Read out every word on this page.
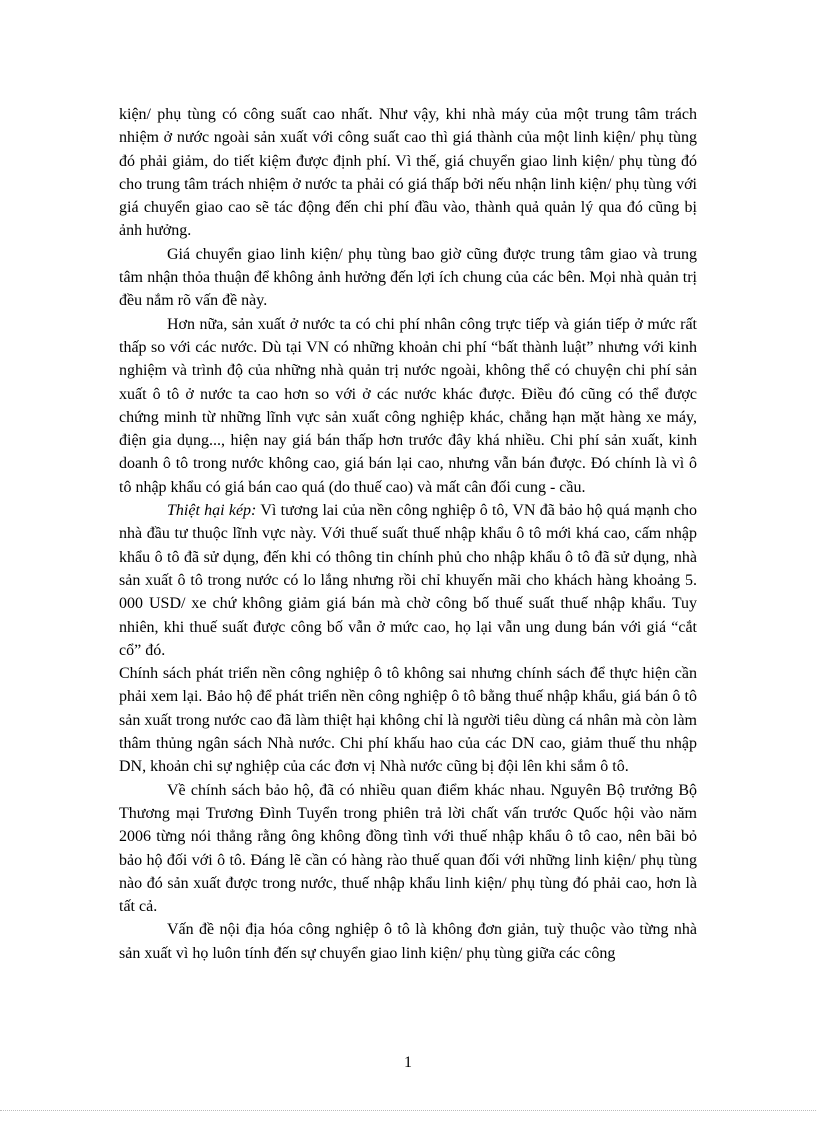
kiện/ phụ tùng có công suất cao nhất. Như vậy, khi nhà máy của một trung tâm trách nhiệm ở nước ngoài sản xuất với công suất cao thì giá thành của một linh kiện/ phụ tùng đó phải giảm, do tiết kiệm được định phí. Vì thế, giá chuyển giao linh kiện/ phụ tùng đó cho trung tâm trách nhiệm ở nước ta phải có giá thấp bởi nếu nhận linh kiện/ phụ tùng với giá chuyển giao cao sẽ tác động đến chi phí đầu vào, thành quả quản lý qua đó cũng bị ảnh hưởng.

Giá chuyển giao linh kiện/ phụ tùng bao giờ cũng được trung tâm giao và trung tâm nhận thỏa thuận để không ảnh hưởng đến lợi ích chung của các bên. Mọi nhà quản trị đều nắm rõ vấn đề này.

Hơn nữa, sản xuất ở nước ta có chi phí nhân công trực tiếp và gián tiếp ở mức rất thấp so với các nước. Dù tại VN có những khoản chi phí “bất thành luật” nhưng với kinh nghiệm và trình độ của những nhà quản trị nước ngoài, không thể có chuyện chi phí sản xuất ô tô ở nước ta cao hơn so với ở các nước khác được. Điều đó cũng có thể được chứng minh từ những lĩnh vực sản xuất công nghiệp khác, chẳng hạn mặt hàng xe máy, điện gia dụng..., hiện nay giá bán thấp hơn trước đây khá nhiều. Chi phí sản xuất, kinh doanh ô tô trong nước không cao, giá bán lại cao, nhưng vẫn bán được. Đó chính là vì ô tô nhập khẩu có giá bán cao quá (do thuế cao) và mất cân đối cung - cầu.

Thiệt hại kép: Vì tương lai của nền công nghiệp ô tô, VN đã bảo hộ quá mạnh cho nhà đầu tư thuộc lĩnh vực này. Với thuế suất thuế nhập khẩu ô tô mới khá cao, cấm nhập khẩu ô tô đã sử dụng, đến khi có thông tin chính phủ cho nhập khẩu ô tô đã sử dụng, nhà sản xuất ô tô trong nước có lo lắng nhưng rồi chỉ khuyến mãi cho khách hàng khoảng 5. 000 USD/ xe chứ không giảm giá bán mà chờ công bố thuế suất thuế nhập khẩu. Tuy nhiên, khi thuế suất được công bố vẫn ở mức cao, họ lại vẫn ung dung bán với giá “cắt cổ” đó.

Chính sách phát triển nền công nghiệp ô tô không sai nhưng chính sách để thực hiện cần phải xem lại. Bảo hộ để phát triển nền công nghiệp ô tô bằng thuế nhập khẩu, giá bán ô tô sản xuất trong nước cao đã làm thiệt hại không chỉ là người tiêu dùng cá nhân mà còn làm thâm thủng ngân sách Nhà nước. Chi phí khấu hao của các DN cao, giảm thuế thu nhập DN, khoản chi sự nghiệp của các đơn vị Nhà nước cũng bị đội lên khi sắm ô tô.

Về chính sách bảo hộ, đã có nhiều quan điểm khác nhau. Nguyên Bộ trưởng Bộ Thương mại Trương Đình Tuyển trong phiên trả lời chất vấn trước Quốc hội vào năm 2006 từng nói thẳng rằng ông không đồng tình với thuế nhập khẩu ô tô cao, nên bãi bỏ bảo hộ đối với ô tô. Đáng lẽ cần có hàng rào thuế quan đối với những linh kiện/ phụ tùng nào đó sản xuất được trong nước, thuế nhập khẩu linh kiện/ phụ tùng đó phải cao, hơn là tất cả.

Vấn đề nội địa hóa công nghiệp ô tô là không đơn giản, tuỳ thuộc vào từng nhà sản xuất vì họ luôn tính đến sự chuyển giao linh kiện/ phụ tùng giữa các công

1
